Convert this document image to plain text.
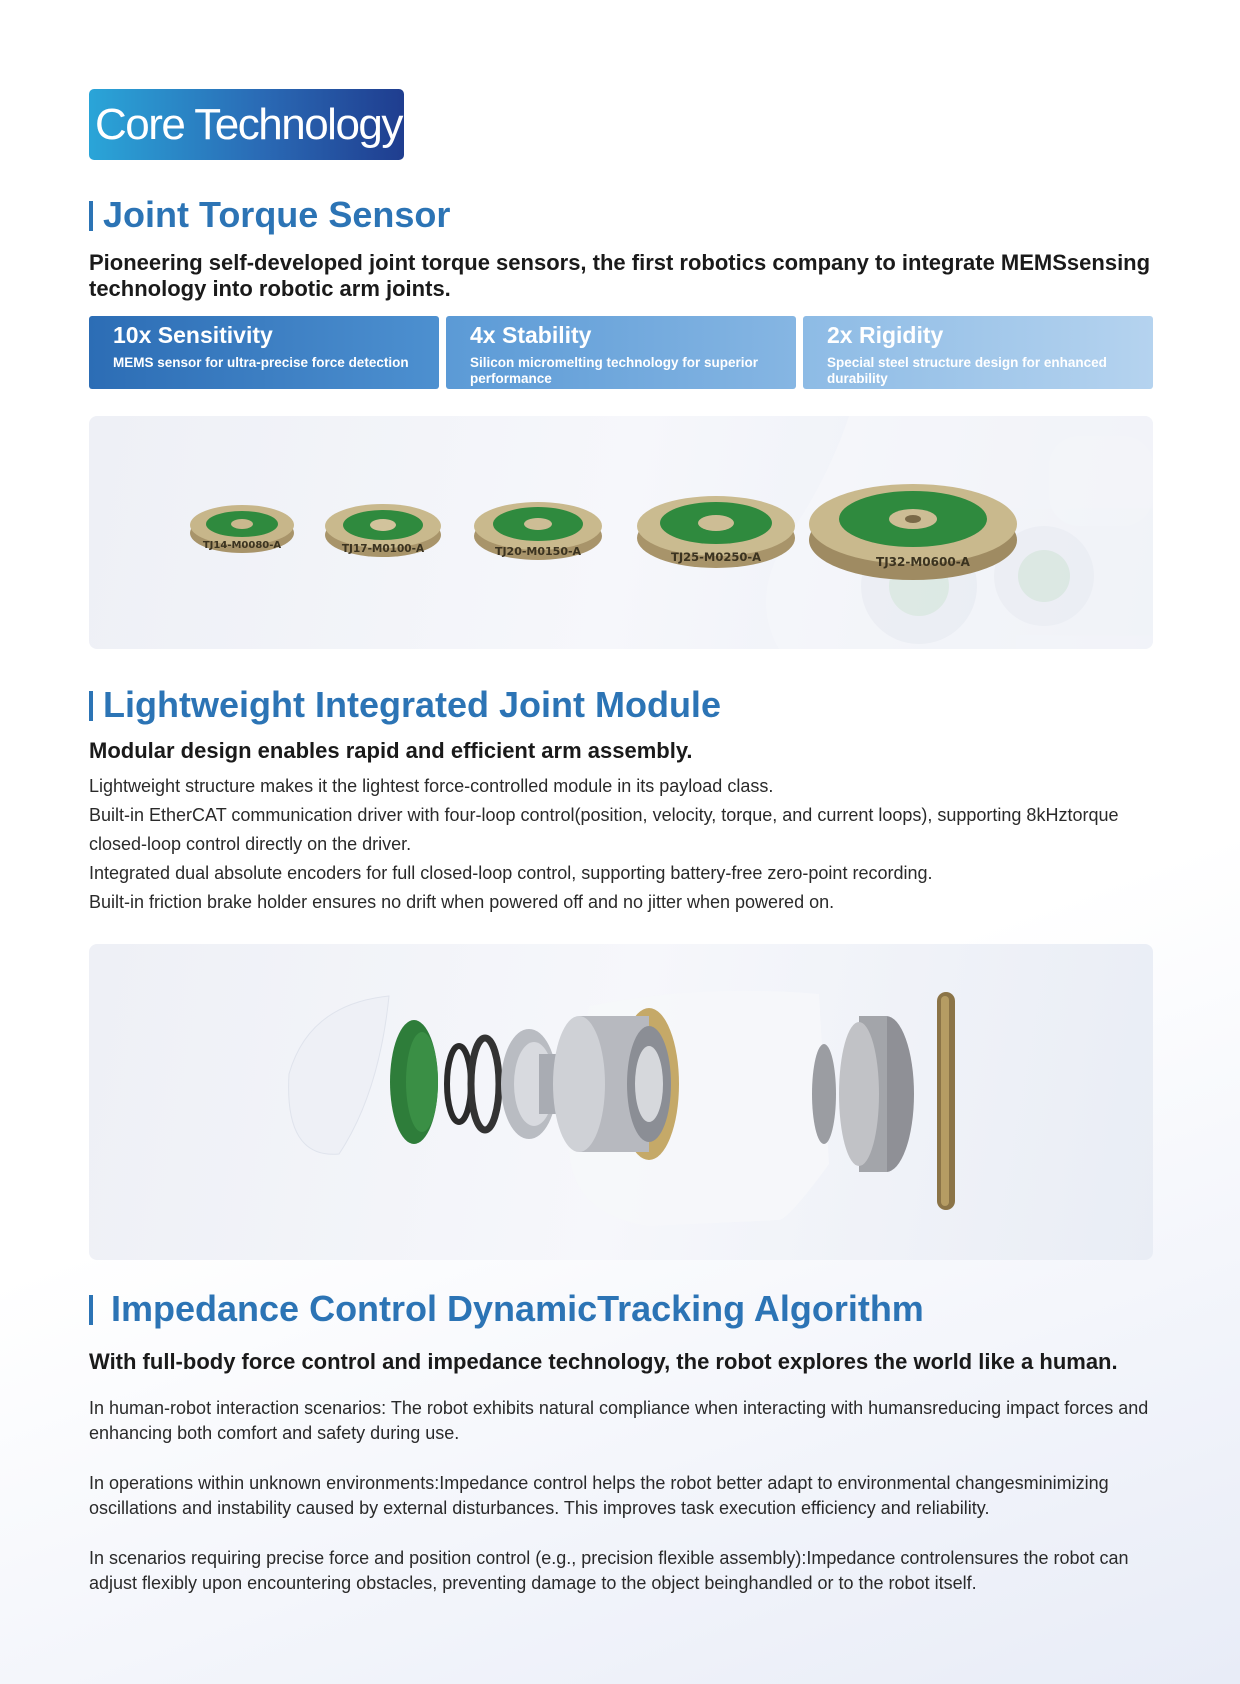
Core Technology
Joint Torque Sensor
Pioneering self-developed joint torque sensors, the first robotics company to integrate MEMSsensing technology into robotic arm joints.
10x Sensitivity
MEMS sensor for ultra-precise force detection
4x Stability
Silicon micromelting technology for superior performance
2x Rigidity
Special steel structure design for enhanced durability
TJ14-M0080-A	TJ17-M0100-A	TJ20-M0150-A	TJ25-M0250-A	TJ32-M0600-A
Lightweight Integrated Joint Module
Modular design enables rapid and efficient arm assembly.

Lightweight structure makes it the lightest force-controlled module in its payload class.

Built-in EtherCAT communication driver with four-loop control(position, velocity, torque, and current loops), supporting 8kHztorque closed-loop control directly on the driver.

Integrated dual absolute encoders for full closed-loop control, supporting battery-free zero-point recording.

Built-in friction brake holder ensures no drift when powered off and no jitter when powered on.

Impedance Control DynamicTracking Algorithm
With full-body force control and impedance technology, the robot explores the world like a human.

In human-robot interaction scenarios: The robot exhibits natural compliance when interacting with humansreducing impact forces and enhancing both comfort and safety during use.

In operations within unknown environments:Impedance control helps the robot better adapt to environmental changesminimizing oscillations and instability caused by external disturbances. This improves task execution efficiency and reliability.

In scenarios requiring precise force and position control (e.g., precision flexible assembly):Impedance controlensures the robot can adjust flexibly upon encountering obstacles, preventing damage to the object beinghandled or to the robot itself.
